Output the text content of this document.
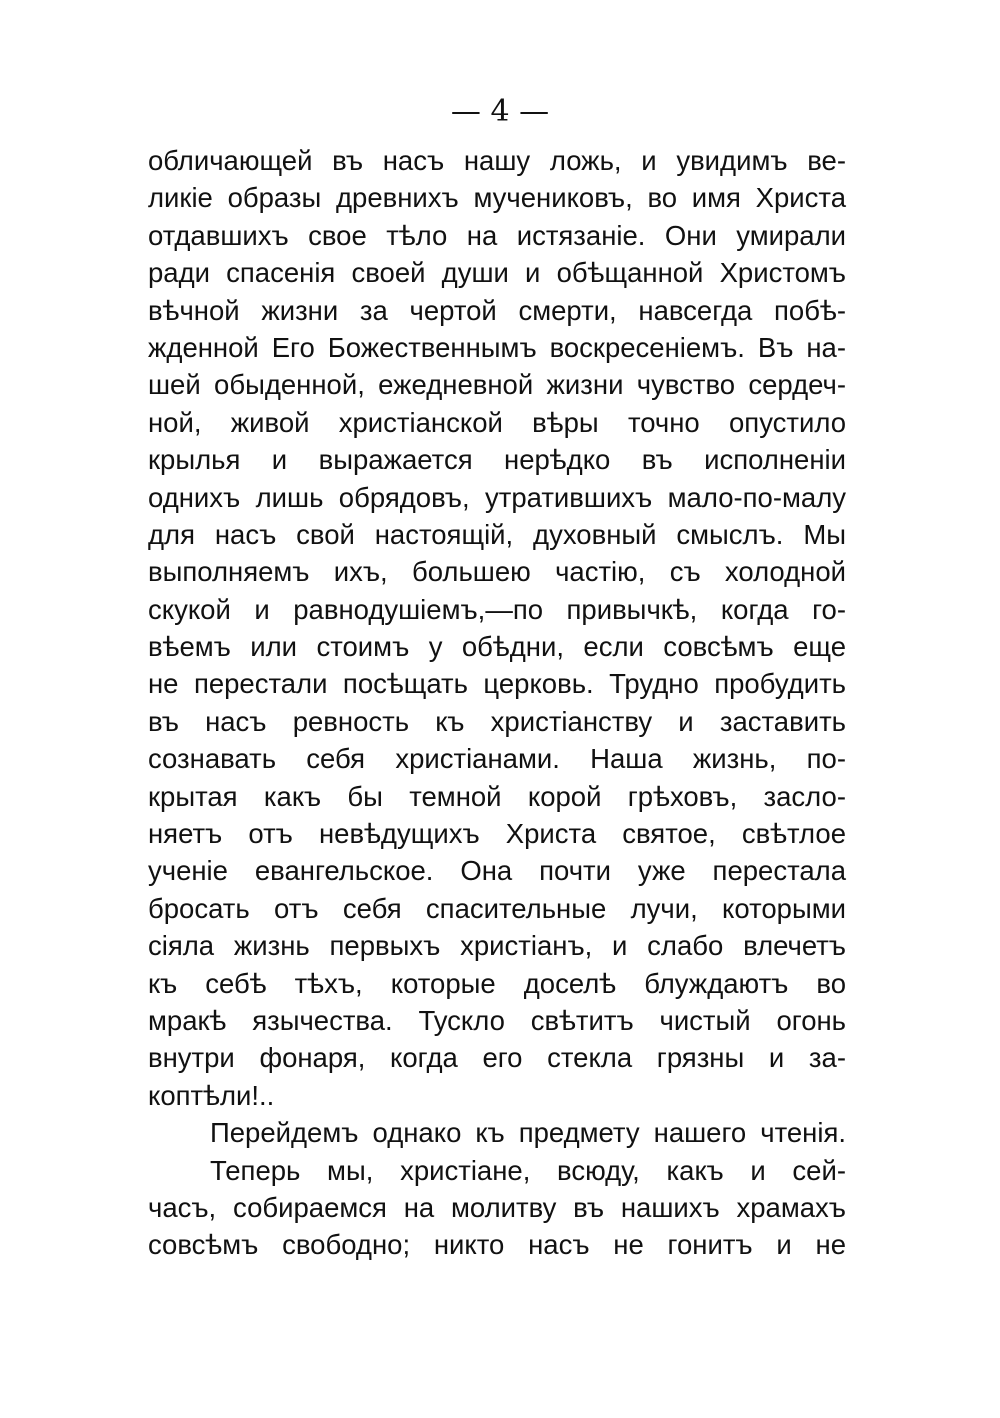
— 4 —
обличающей въ насъ нашу ложь, и увидимъ ве-
ликie образы древнихъ мучениковъ, во имя Христа
отдавшихъ свое тѣло на истязанie. Они умирали
ради спасенiя своей души и обѣщанной Христомъ
вѣчной жизни за чертой смерти, навсегда побѣ-
жденной Его Божественнымъ воскресенiемъ. Въ на-
шей обыденной, ежедневной жизни чувство сердеч-
ной, живой христiанской вѣры точно опустило
крылья и выражается нерѣдко въ исполненiи
однихъ лишь обрядовъ, утратившихъ мало-по-малу
для насъ свой настоящiй, духовный смыслъ. Мы
выполняемъ ихъ, большею частiю, съ холодной
скукой и равнодушiемъ,—по привычкѣ, когда го-
вѣемъ или стоимъ у обѣдни, если совсѣмъ еще
не перестали посѣщать церковь. Трудно пробудить
въ насъ ревность къ христiанству и заставить
сознавать себя христiанами. Наша жизнь, по-
крытая какъ бы темной корой грѣховъ, засло-
няетъ отъ невѣдущихъ Христа святое, свѣтлое
ученie евангельское. Она почти уже перестала
бросать отъ себя спасительные лучи, которыми
сiяла жизнь первыхъ христiанъ, и слабо влечетъ
къ себѣ тѣхъ, которые доселѣ блуждаютъ во
мракѣ язычества. Тускло свѣтитъ чистый огонь
внутри фонаря, когда его стекла грязны и за-
коптѣли!..
Перейдемъ однако къ предмету нашего чтенiя.
Теперь мы, христiане, всюду, какъ и сей-
часъ, собираемся на молитву въ нашихъ храмахъ
совсѣмъ свободно; никто насъ не гонитъ и не
